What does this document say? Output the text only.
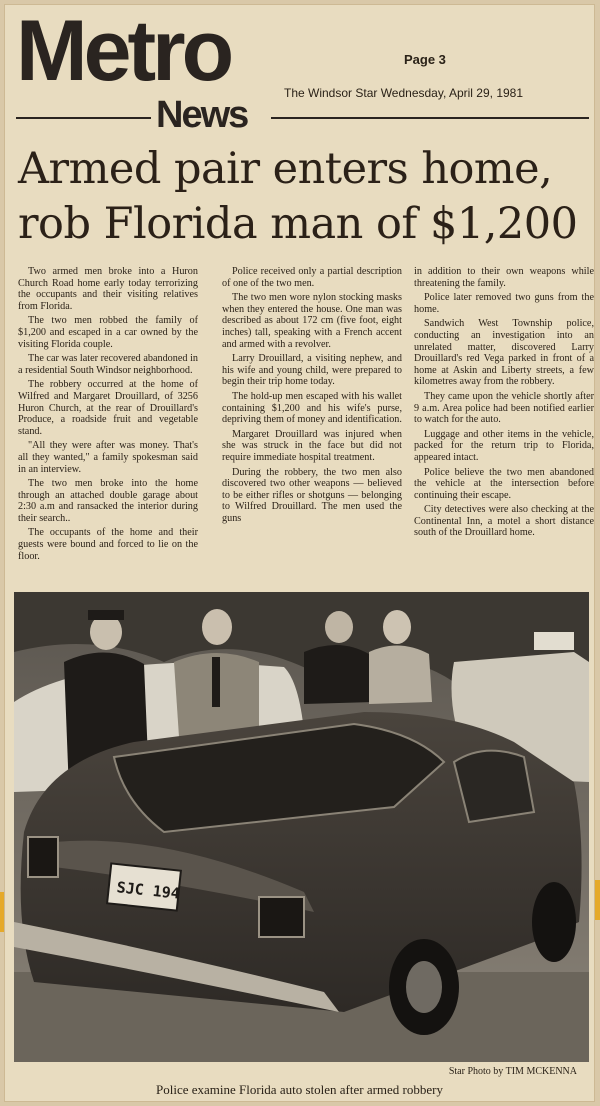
Metro
News
Page 3
The Windsor Star Wednesday, April 29, 1981
Armed pair enters home,
rob Florida man of $1,200

Two armed men broke into a Huron Church Road home early today terrorizing the occupants and their visiting relatives from Florida.

The two men robbed the family of $1,200 and escaped in a car owned by the visiting Florida couple.

The car was later recovered abandoned in a residential South Windsor neighborhood.

The robbery occurred at the home of Wilfred and Margaret Drouillard, of 3256 Huron Church, at the rear of Drouillard's Produce, a roadside fruit and vegetable stand.

"All they were after was money. That's all they wanted," a family spokesman said in an interview.

The two men broke into the home through an attached double garage about 2:30 a.m and ransacked the interior during their search..

The occupants of the home and their guests were bound and forced to lie on the floor.

Police received only a partial description of one of the two men.

The two men wore nylon stocking masks when they entered the house. One man was described as about 172 cm (five foot, eight inches) tall, speaking with a French accent and armed with a revolver.

Larry Drouillard, a visiting nephew, and his wife and young child, were prepared to begin their trip home today.

The hold-up men escaped with his wallet containing $1,200 and his wife's purse, depriving them of money and identification.

Margaret Drouillard was injured when she was struck in the face but did not require immediate hospital treatment.

During the robbery, the two men also discovered two other weapons — believed to be either rifles or shotguns — belonging to Wilfred Drouillard. The men used the guns

in addition to their own weapons while threatening the family.

Police later removed two guns from the home.

Sandwich West Township police, conducting an investigation into an unrelated matter, discovered Larry Drouillard's red Vega parked in front of a home at Askin and Liberty streets, a few kilometres away from the robbery.

They came upon the vehicle shortly after 9 a.m. Area police had been notified earlier to watch for the auto.

Luggage and other items in the vehicle, packed for the return trip to Florida, appeared intact.

Police believe the two men abandoned the vehicle at the intersection before continuing their escape.

City detectives were also checking at the Continental Inn, a motel a short distance south of the Drouillard home.

SJC 194
Star Photo by TIM MCKENNA
Police examine Florida auto stolen after armed robbery
